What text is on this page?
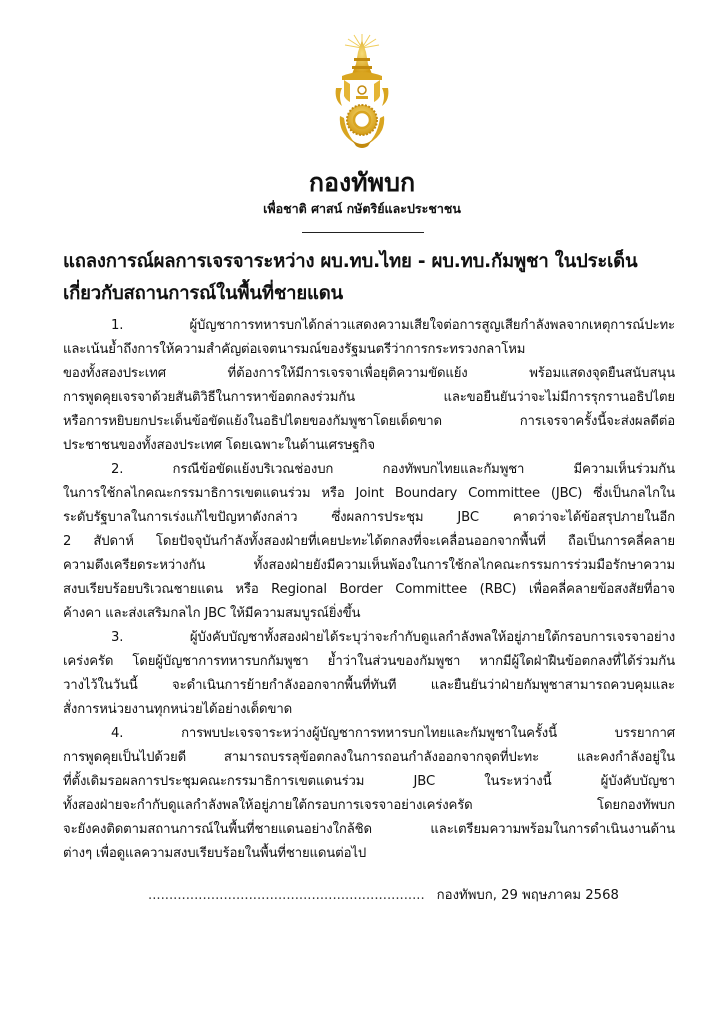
กองทัพบก
เพื่อชาติ ศาสน์ กษัตริย์และประชาชน
แถลงการณ์ผลการเจรจาระหว่าง ผบ.ทบ.ไทย - ผบ.ทบ.กัมพูชา ในประเด็น
เกี่ยวกับสถานการณ์ในพื้นที่ชายแดน
1. ผู้บัญชาการทหารบกได้กล่าวแสดงความเสียใจต่อการสูญเสียกำลังพลจากเหตุการณ์ปะทะ
และเน้นย้ำถึงการให้ความสำคัญต่อเจตนารมณ์ของรัฐมนตรีว่าการกระทรวงกลาโหม
ของทั้งสองประเทศ ที่ต้องการให้มีการเจรจาเพื่อยุติความขัดแย้ง พร้อมแสดงจุดยืนสนับสนุน
การพูดคุยเจรจาด้วยสันติวิธีในการหาข้อตกลงร่วมกัน และขอยืนยันว่าจะไม่มีการรุกรานอธิปไตย
หรือการหยิบยกประเด็นข้อขัดแย้งในอธิปไตยของกัมพูชาโดยเด็ดขาด การเจรจาครั้งนี้จะส่งผลดีต่อ
ประชาชนของทั้งสองประเทศ โดยเฉพาะในด้านเศรษฐกิจ
2. กรณีข้อขัดแย้งบริเวณช่องบก กองทัพบกไทยและกัมพูชา มีความเห็นร่วมกัน
ในการใช้กลไกคณะกรรมาธิการเขตแดนร่วม หรือ Joint Boundary Committee (JBC) ซึ่งเป็นกลไกใน
ระดับรัฐบาลในการเร่งแก้ไขปัญหาดังกล่าว ซึ่งผลการประชุม JBC คาดว่าจะได้ข้อสรุปภายในอีก
2 สัปดาห์ โดยปัจจุบันกำลังทั้งสองฝ่ายที่เคยปะทะได้ตกลงที่จะเคลื่อนออกจากพื้นที่ ถือเป็นการคลี่คลาย
ความตึงเครียดระหว่างกัน ทั้งสองฝ่ายยังมีความเห็นพ้องในการใช้กลไกคณะกรรมการร่วมมือรักษาความ
สงบเรียบร้อยบริเวณชายแดน หรือ Regional Border Committee (RBC) เพื่อคลี่คลายข้อสงสัยที่อาจ
ค้างคา และส่งเสริมกลไก JBC ให้มีความสมบูรณ์ยิ่งขึ้น
3. ผู้บังคับบัญชาทั้งสองฝ่ายได้ระบุว่าจะกำกับดูแลกำลังพลให้อยู่ภายใต้กรอบการเจรจาอย่าง
เคร่งครัด โดยผู้บัญชาการทหารบกกัมพูชา ย้ำว่าในส่วนของกัมพูชา หากมีผู้ใดฝ่าฝืนข้อตกลงที่ได้ร่วมกัน
วางไว้ในวันนี้ จะดำเนินการย้ายกำลังออกจากพื้นที่ทันที และยืนยันว่าฝ่ายกัมพูชาสามารถควบคุมและ
สั่งการหน่วยงานทุกหน่วยได้อย่างเด็ดขาด
4. การพบปะเจรจาระหว่างผู้บัญชาการทหารบกไทยและกัมพูชาในครั้งนี้ บรรยากาศ
การพูดคุยเป็นไปด้วยดี สามารถบรรลุข้อตกลงในการถอนกำลังออกจากจุดที่ปะทะ และคงกำลังอยู่ใน
ที่ตั้งเดิมรอผลการประชุมคณะกรรมาธิการเขตแดนร่วม JBC ในระหว่างนี้ ผู้บังคับบัญชา
ทั้งสองฝ่ายจะกำกับดูแลกำลังพลให้อยู่ภายใต้กรอบการเจรจาอย่างเคร่งครัด โดยกองทัพบก
จะยังคงติดตามสถานการณ์ในพื้นที่ชายแดนอย่างใกล้ชิด และเตรียมความพร้อมในการดำเนินงานด้าน
ต่างๆ เพื่อดูแลความสงบเรียบร้อยในพื้นที่ชายแดนต่อไป
.................................................................. กองทัพบก, 29 พฤษภาคม 2568
